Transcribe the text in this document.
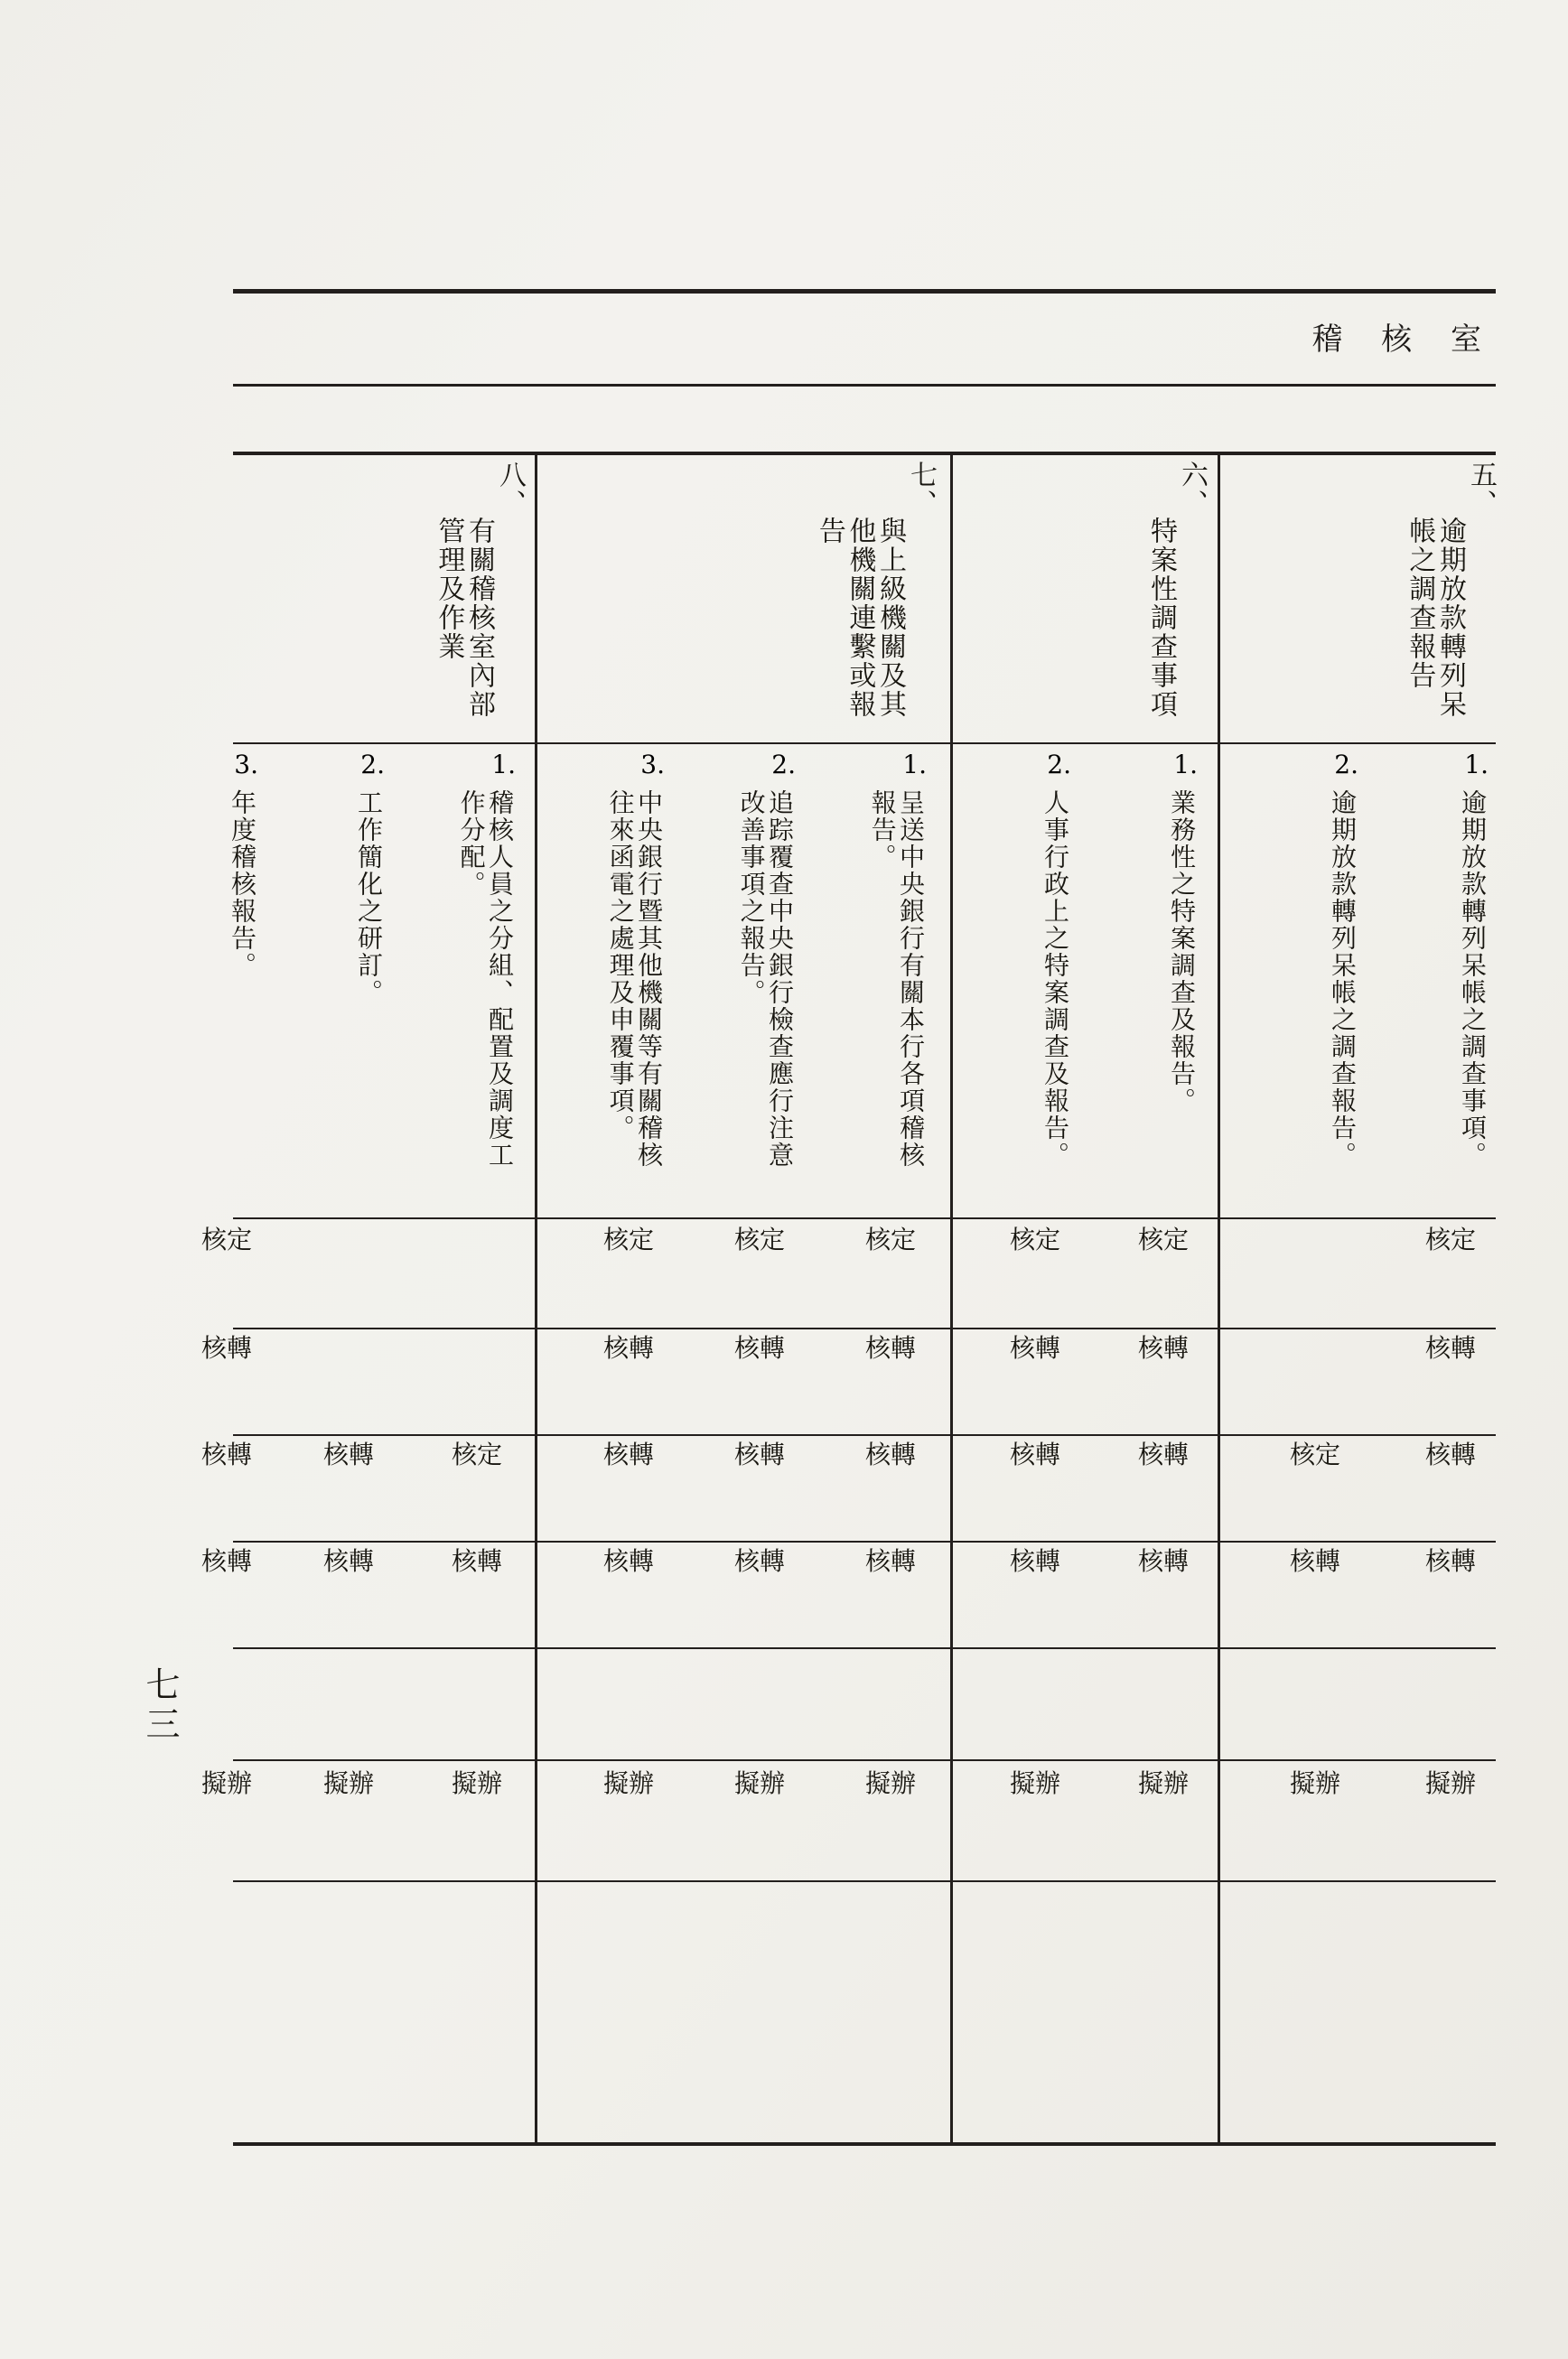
稽 核 室
五、
逾期放款轉列呆帳之調查報告
六、
特案性調查事項
七、
與上級機關及其他機關連繫或報告
八、
有關稽核室內部管理及作業
1.
逾期放款轉列呆帳之調查事項。
2.
逾期放款轉列呆帳之調查報告。
1.
業務性之特案調查及報告。
2.
人事行政上之特案調查及報告。
1.
呈送中央銀行有關本行各項稽核報告。
2.
追踪覆查中央銀行檢查應行注意改善事項之報告。
3.
中央銀行暨其他機關等有關稽核往來函電之處理及申覆事項。
1.
稽核人員之分組、配置及調度工作分配。
2.
工作簡化之研訂。
3.
年度稽核報告。
核定
核定
核定
核定
核定
核定
核定
核轉
核轉
核轉
核轉
核轉
核轉
核轉
核轉
核定
核轉
核轉
核轉
核轉
核轉
核定
核轉
核轉
核轉
核轉
核轉
核轉
核轉
核轉
核轉
核轉
核轉
核轉
擬辦
擬辦
擬辦
擬辦
擬辦
擬辦
擬辦
擬辦
擬辦
擬辦
七三
